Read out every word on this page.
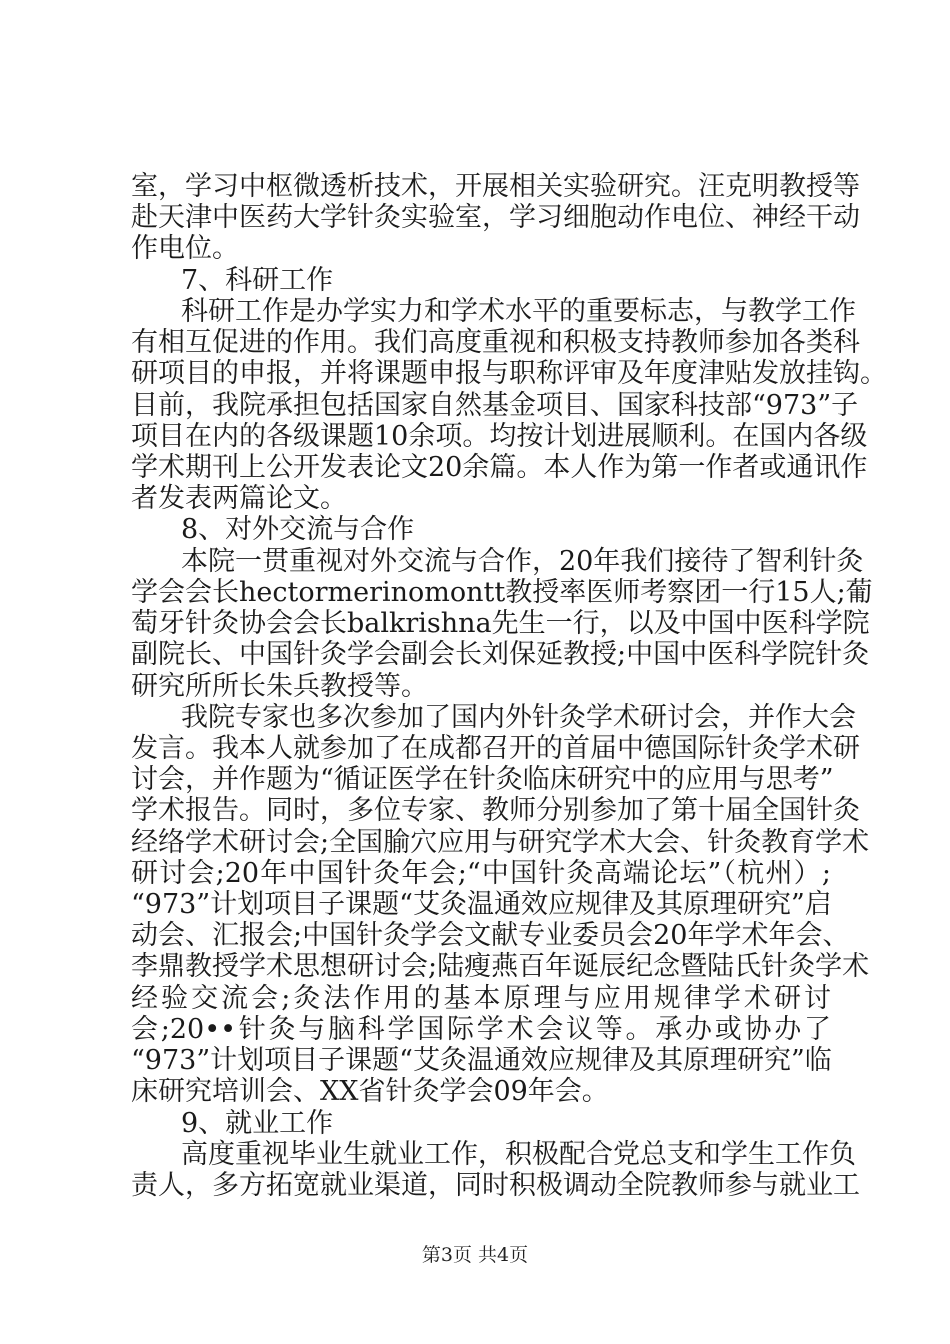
室，学习中枢微透析技术，开展相关实验研究。汪克明教授等
赴天津中医药大学针灸实验室，学习细胞动作电位、神经干动
作电位。
7、科研工作
科研工作是办学实力和学术水平的重要标志，与教学工作
有相互促进的作用。我们高度重视和积极支持教师参加各类科
研项目的申报，并将课题申报与职称评审及年度津贴发放挂钩。
目前，我院承担包括国家自然基金项目、国家科技部“973”子
项目在内的各级课题10余项。均按计划进展顺利。在国内各级
学术期刊上公开发表论文20余篇。本人作为第一作者或通讯作
者发表两篇论文。
8、对外交流与合作
本院一贯重视对外交流与合作，20年我们接待了智利针灸
学会会长hectormerinomontt教授率医师考察团一行15人;葡
萄牙针灸协会会长balkrishna先生一行，以及中国中医科学院
副院长、中国针灸学会副会长刘保延教授;中国中医科学院针灸
研究所所长朱兵教授等。
我院专家也多次参加了国内外针灸学术研讨会，并作大会
发言。我本人就参加了在成都召开的首届中德国际针灸学术研
讨会，并作题为“循证医学在针灸临床研究中的应用与思考”
学术报告。同时，多位专家、教师分别参加了第十届全国针灸
经络学术研讨会;全国腧穴应用与研究学术大会、针灸教育学术
研讨会;20年中国针灸年会;“中国针灸高端论坛”（杭州）;
“973”计划项目子课题“艾灸温通效应规律及其原理研究”启
动会、汇报会;中国针灸学会文献专业委员会20年学术年会、
李鼎教授学术思想研讨会;陆瘦燕百年诞辰纪念暨陆氏针灸学术
经验交流会;灸法作用的基本原理与应用规律学术研讨
会;20••针灸与脑科学国际学术会议等。承办或协办了
“973”计划项目子课题“艾灸温通效应规律及其原理研究”临
床研究培训会、XX省针灸学会09年会。
9、就业工作
高度重视毕业生就业工作，积极配合党总支和学生工作负
责人，多方拓宽就业渠道，同时积极调动全院教师参与就业工
第3页 共4页
